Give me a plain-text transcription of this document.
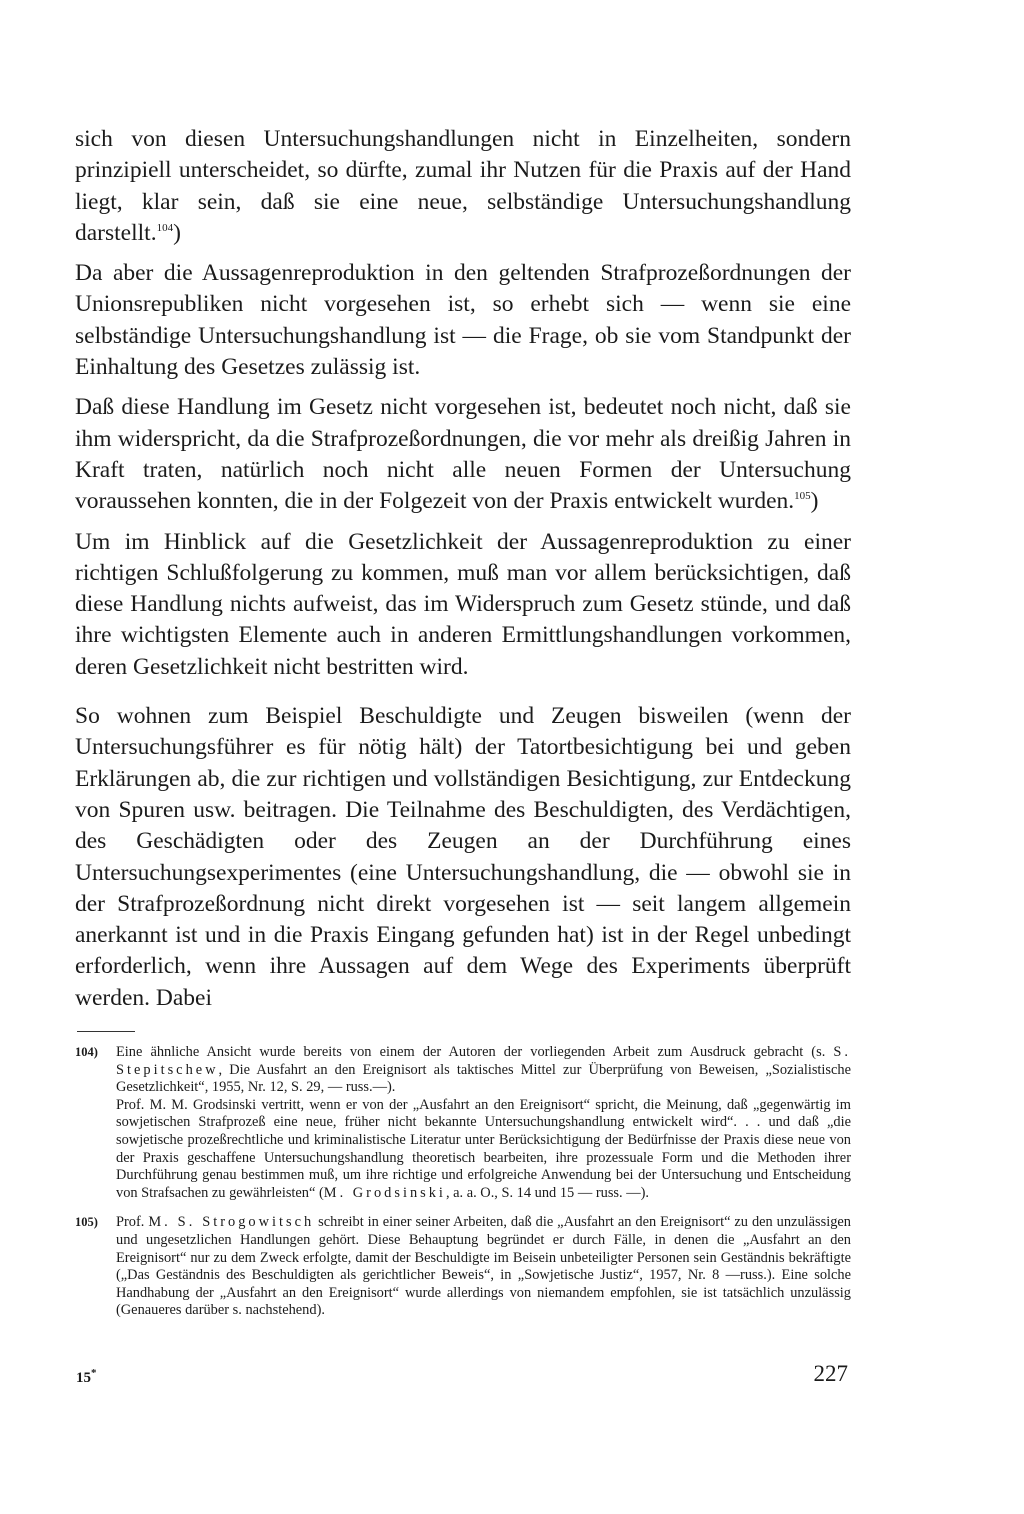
sich von diesen Untersuchungshandlungen nicht in Einzelheiten, sondern prinzipiell unterscheidet, so dürfte, zumal ihr Nutzen für die Praxis auf der Hand liegt, klar sein, daß sie eine neue, selbständige Untersuchungshandlung darstellt.$^{104}$)

Da aber die Aussagenreproduktion in den geltenden Strafprozeßordnungen der Unionsrepubliken nicht vorgesehen ist, so erhebt sich — wenn sie eine selbständige Untersuchungshandlung ist — die Frage, ob sie vom Standpunkt der Einhaltung des Gesetzes zulässig ist.

Daß diese Handlung im Gesetz nicht vorgesehen ist, bedeutet noch nicht, daß sie ihm widerspricht, da die Strafprozeßordnungen, die vor mehr als dreißig Jahren in Kraft traten, natürlich noch nicht alle neuen Formen der Untersuchung voraussehen konnten, die in der Folgezeit von der Praxis entwickelt wurden.$^{105}$)

Um im Hinblick auf die Gesetzlichkeit der Aussagenreproduktion zu einer richtigen Schlußfolgerung zu kommen, muß man vor allem berücksichtigen, daß diese Handlung nichts aufweist, das im Widerspruch zum Gesetz stünde, und daß ihre wichtigsten Elemente auch in anderen Ermittlungshandlungen vorkommen, deren Gesetzlichkeit nicht bestritten wird.

So wohnen zum Beispiel Beschuldigte und Zeugen bisweilen (wenn der Untersuchungsführer es für nötig hält) der Tatortbesichtigung bei und geben Erklärungen ab, die zur richtigen und vollständigen Besichtigung, zur Entdeckung von Spuren usw. beitragen. Die Teilnahme des Beschuldigten, des Verdächtigen, des Geschädigten oder des Zeugen an der Durchführung eines Untersuchungsexperimentes (eine Untersuchungshandlung, die — obwohl sie in der Strafprozeßordnung nicht direkt vorgesehen ist — seit langem allgemein anerkannt ist und in die Praxis Eingang gefunden hat) ist in der Regel unbedingt erforderlich, wenn ihre Aussagen auf dem Wege des Experiments überprüft werden. Dabei

104) Eine ähnliche Ansicht wurde bereits von einem der Autoren der vorliegenden Arbeit zum Ausdruck gebracht (s. S. Stepitschew, Die Ausfahrt an den Ereignisort als taktisches Mittel zur Überprüfung von Beweisen, „Sozialistische Gesetzlichkeit“, 1955, Nr. 12, S. 29, — russ.—).

Prof. M. M. Grodsinski vertritt, wenn er von der „Ausfahrt an den Ereignisort“ spricht, die Meinung, daß „gegenwärtig im sowjetischen Strafprozeß eine neue, früher nicht bekannte Untersuchungshandlung entwickelt wird“. . . und daß „die sowjetische prozeßrechtliche und kriminalistische Literatur unter Berücksichtigung der Bedürfnisse der Praxis diese neue von der Praxis geschaffene Untersuchungshandlung theoretisch bearbeiten, ihre prozessuale Form und die Methoden ihrer Durchführung genau bestimmen muß, um ihre richtige und erfolgreiche Anwendung bei der Untersuchung und Entscheidung von Strafsachen zu gewährleisten“ (M. Grodsinski, a. a. O., S. 14 und 15 — russ. —).

105) Prof. M. S. Strogowitsch schreibt in einer seiner Arbeiten, daß die „Ausfahrt an den Ereignisort“ zu den unzulässigen und ungesetzlichen Handlungen gehört. Diese Behauptung begründet er durch Fälle, in denen die „Ausfahrt an den Ereignisort“ nur zu dem Zweck erfolgte, damit der Beschuldigte im Beisein unbeteiligter Personen sein Geständnis bekräftigte („Das Geständnis des Beschuldigten als gerichtlicher Beweis“, in „Sowjetische Justiz“, 1957, Nr. 8 —russ.). Eine solche Handhabung der „Ausfahrt an den Ereignisort“ wurde allerdings von niemandem empfohlen, sie ist tatsächlich unzulässig (Genaueres darüber s. nachstehend).

15*	227
